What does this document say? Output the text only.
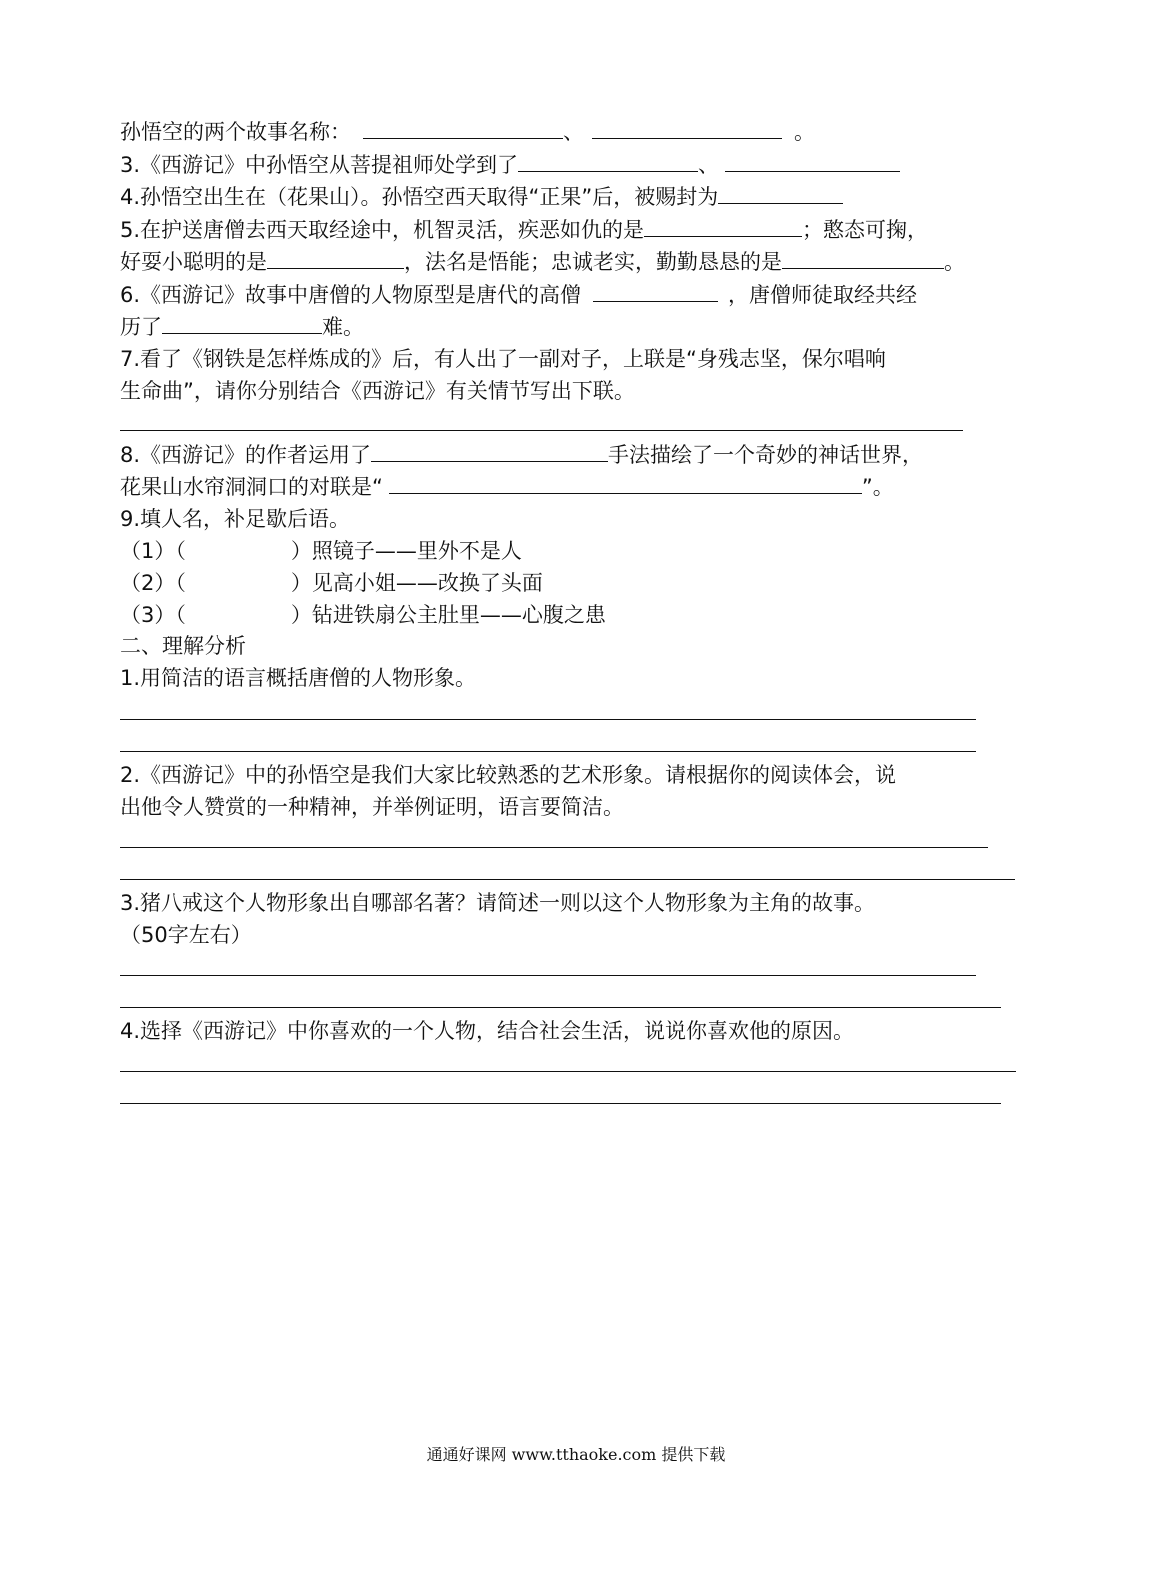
孙悟空的两个故事名称：	、	。
3.《西游记》中孙悟空从菩提祖师处学到了	、
4.孙悟空出生在（花果山）。孙悟空西天取得“正果”后，被赐封为
5.在护送唐僧去西天取经途中，机智灵活，疾恶如仇的是	；憨态可掬，
好耍小聪明的是	，法名是悟能；忠诚老实，勤勤恳恳的是	。
6.《西游记》故事中唐僧的人物原型是唐代的高僧	，唐僧师徒取经共经
历了	难。
7.看了《钢铁是怎样炼成的》后，有人出了一副对子，上联是“身残志坚，保尔唱响
生命曲”，请你分别结合《西游记》有关情节写出下联。
8.《西游记》的作者运用了	手法描绘了一个奇妙的神话世界，
花果山水帘洞洞口的对联是“	”。
9.填人名，补足歇后语。
（1）（　　　　　）照镜子——里外不是人
（2）（　　　　　）见高小姐——改换了头面
（3）（　　　　　）钻进铁扇公主肚里——心腹之患
二、理解分析
1.用简洁的语言概括唐僧的人物形象。
2.《西游记》中的孙悟空是我们大家比较熟悉的艺术形象。请根据你的阅读体会，说
出他令人赞赏的一种精神，并举例证明，语言要简洁。
3.猪八戒这个人物形象出自哪部名著？请简述一则以这个人物形象为主角的故事。
（50字左右）
4.选择《西游记》中你喜欢的一个人物，结合社会生活，说说你喜欢他的原因。
通通好课网 www.tthaoke.com 提供下载
